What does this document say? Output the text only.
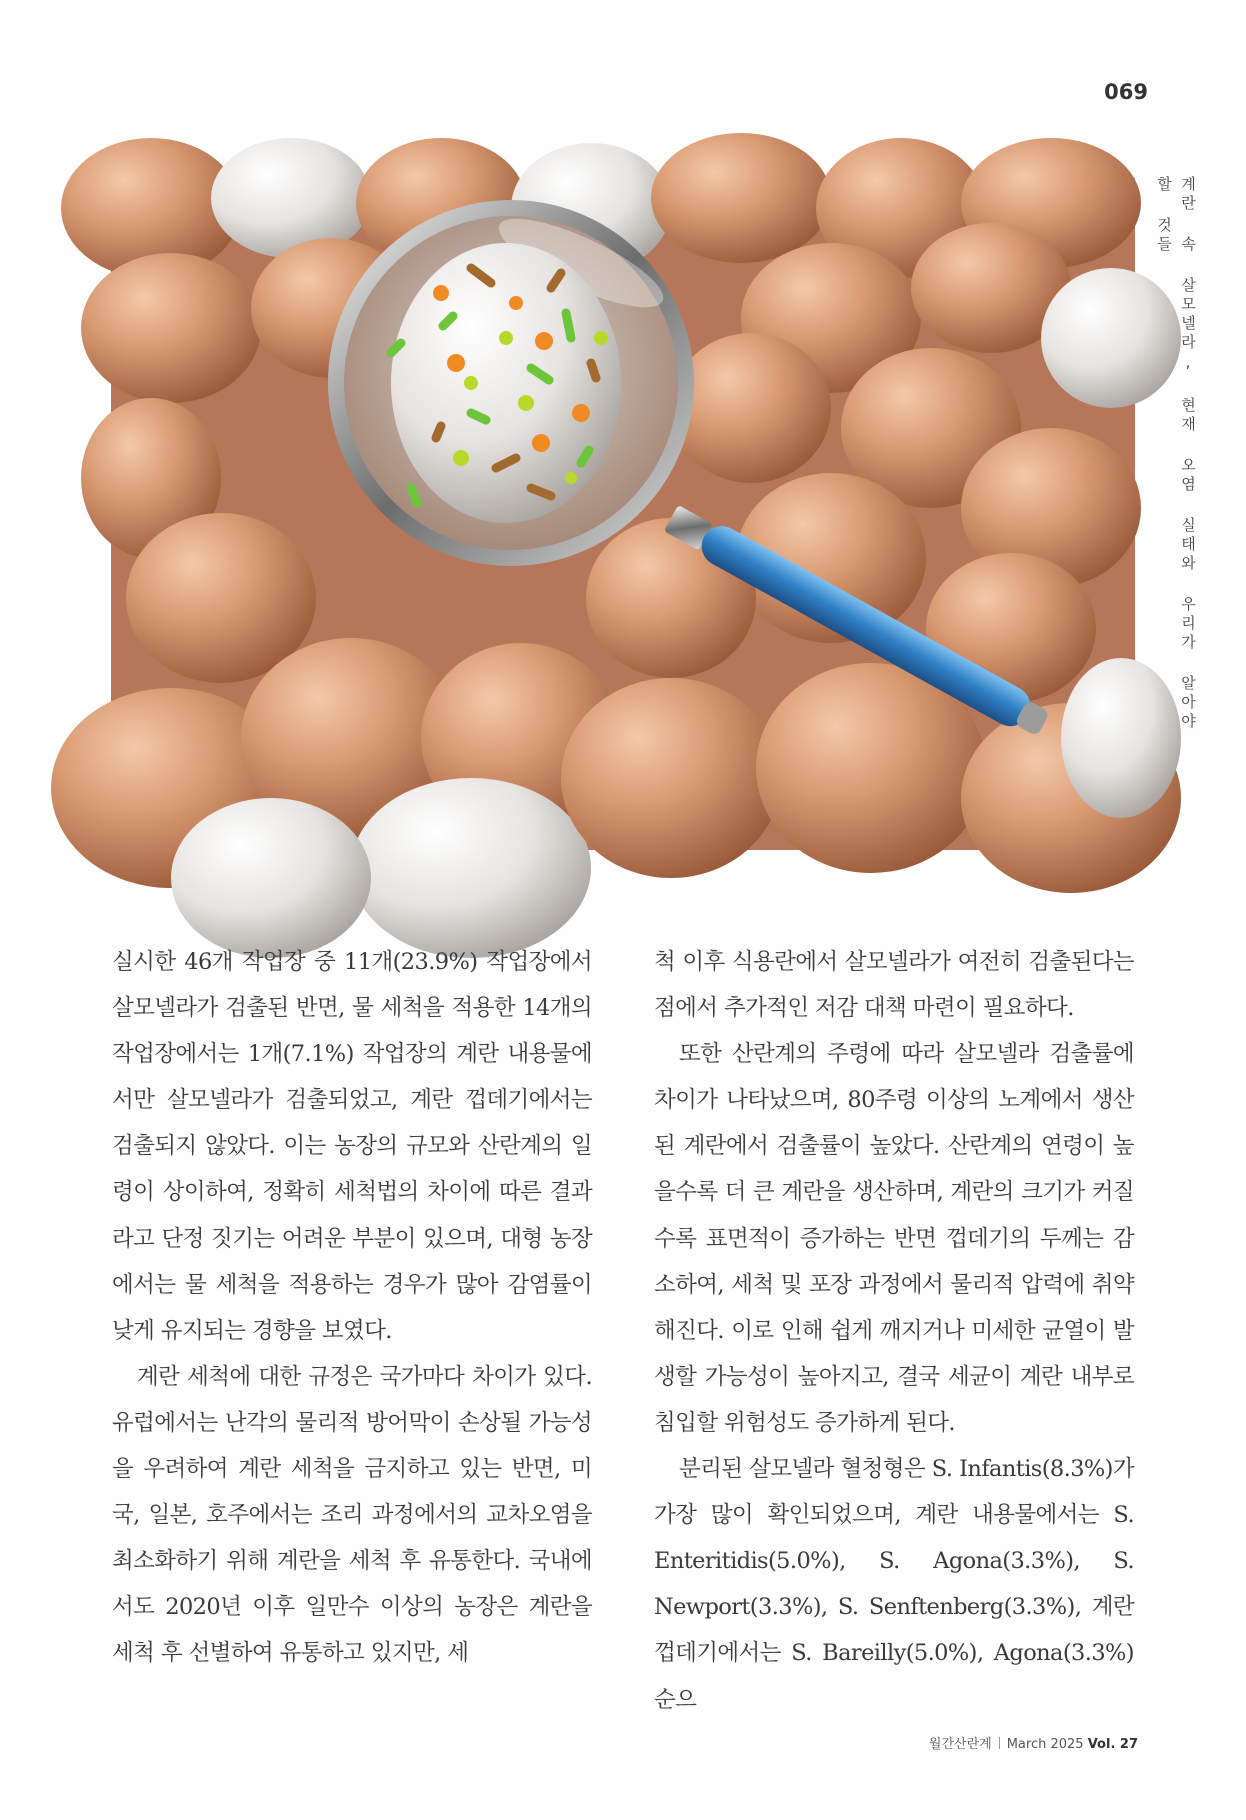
069
계란 속 살모넬라, 현재 오염 실태와 우리가 알아야 할 것들

실시한 46개 작업장 중 11개(23.9%) 작업장에서 살모넬라가 검출된 반면, 물 세척을 적용한 14개의 작업장에서는 1개(7.1%) 작업장의 계란 내용물에서만 살모넬라가 검출되었고, 계란 껍데기에서는 검출되지 않았다. 이는 농장의 규모와 산란계의 일령이 상이하여, 정확히 세척법의 차이에 따른 결과라고 단정 짓기는 어려운 부분이 있으며, 대형 농장에서는 물 세척을 적용하는 경우가 많아 감염률이 낮게 유지되는 경향을 보였다.

계란 세척에 대한 규정은 국가마다 차이가 있다. 유럽에서는 난각의 물리적 방어막이 손상될 가능성을 우려하여 계란 세척을 금지하고 있는 반면, 미국, 일본, 호주에서는 조리 과정에서의 교차오염을 최소화하기 위해 계란을 세척 후 유통한다. 국내에서도 2020년 이후 일만수 이상의 농장은 계란을 세척 후 선별하여 유통하고 있지만, 세

척 이후 식용란에서 살모넬라가 여전히 검출된다는 점에서 추가적인 저감 대책 마련이 필요하다.

또한 산란계의 주령에 따라 살모넬라 검출률에 차이가 나타났으며, 80주령 이상의 노계에서 생산된 계란에서 검출률이 높았다. 산란계의 연령이 높을수록 더 큰 계란을 생산하며, 계란의 크기가 커질수록 표면적이 증가하는 반면 껍데기의 두께는 감소하여, 세척 및 포장 과정에서 물리적 압력에 취약해진다. 이로 인해 쉽게 깨지거나 미세한 균열이 발생할 가능성이 높아지고, 결국 세균이 계란 내부로 침입할 위험성도 증가하게 된다.

분리된 살모넬라 혈청형은 S. Infantis(8.3%)가 가장 많이 확인되었으며, 계란 내용물에서는 S. Enteritidis(5.0%), S. Agona(3.3%), S. Newport(3.3%), S. Senftenberg(3.3%), 계란 껍데기에서는 S. Bareilly(5.0%), Agona(3.3%) 순으

월간산란계 March 2025 Vol. 27
